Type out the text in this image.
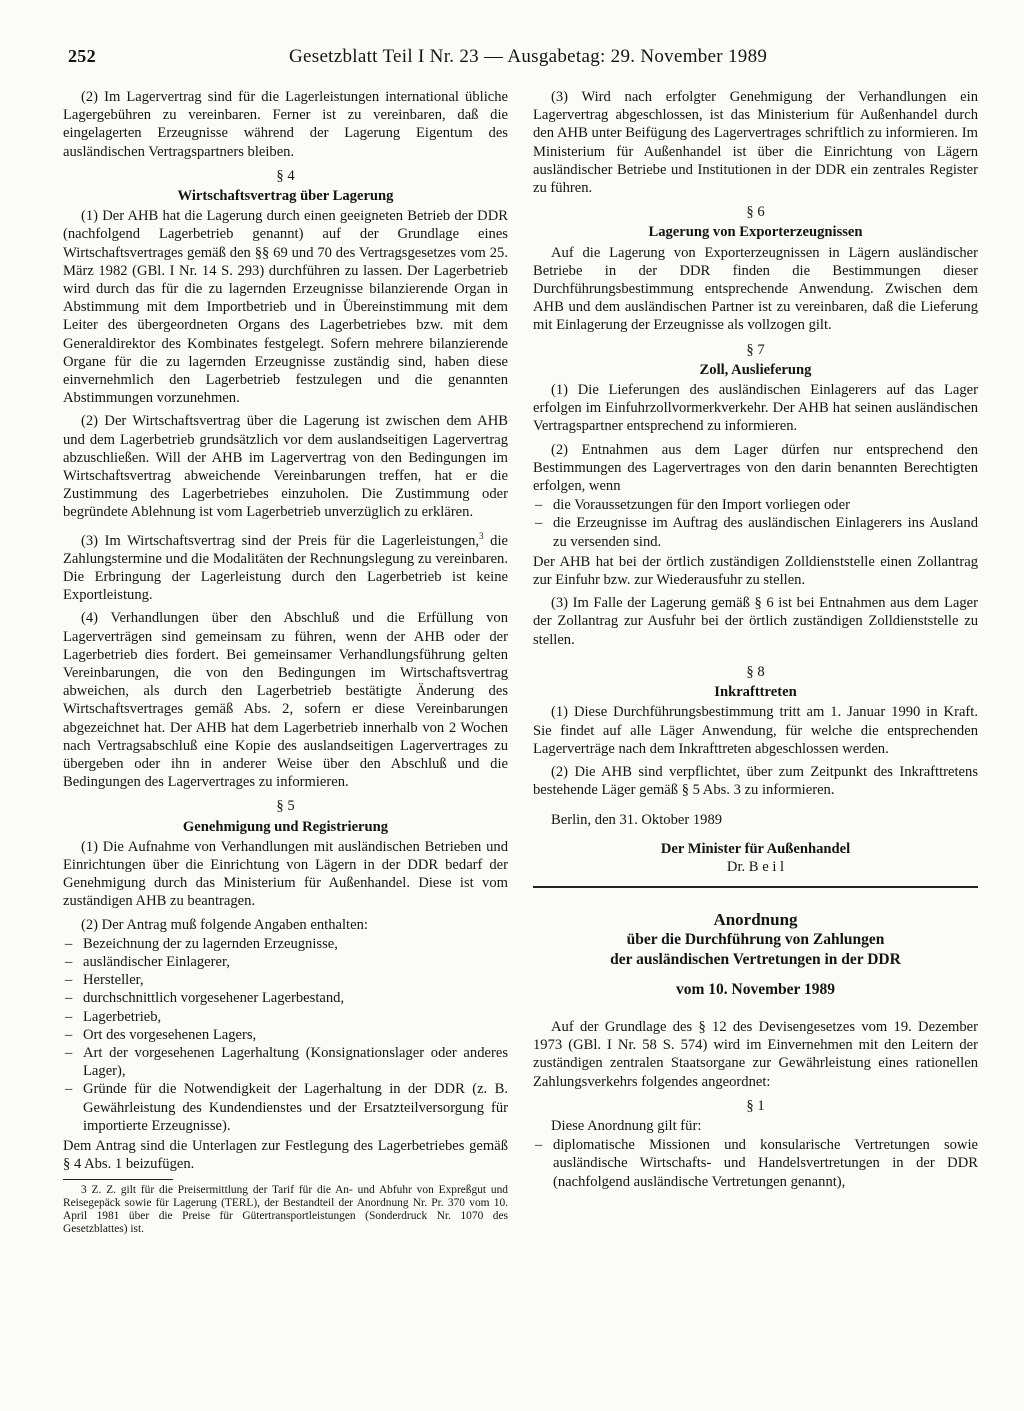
252	Gesetzblatt Teil I Nr. 23 — Ausgabetag: 29. November 1989

(2) Im Lagervertrag sind für die Lagerleistungen international übliche Lagergebühren zu vereinbaren. Ferner ist zu vereinbaren, daß die eingelagerten Erzeugnisse während der Lagerung Eigentum des ausländischen Vertragspartners bleiben.

§ 4
Wirtschaftsvertrag über Lagerung

(1) Der AHB hat die Lagerung durch einen geeigneten Betrieb der DDR (nachfolgend Lagerbetrieb genannt) auf der Grundlage eines Wirtschaftsvertrages gemäß den §§ 69 und 70 des Vertragsgesetzes vom 25. März 1982 (GBl. I Nr. 14 S. 293) durchführen zu lassen. Der Lagerbetrieb wird durch das für die zu lagernden Erzeugnisse bilanzierende Organ in Abstimmung mit dem Importbetrieb und in Übereinstimmung mit dem Leiter des übergeordneten Organs des Lagerbetriebes bzw. mit dem Generaldirektor des Kombinates festgelegt. Sofern mehrere bilanzierende Organe für die zu lagernden Erzeugnisse zuständig sind, haben diese einvernehmlich den Lagerbetrieb festzulegen und die genannten Abstimmungen vorzunehmen.

(2) Der Wirtschaftsvertrag über die Lagerung ist zwischen dem AHB und dem Lagerbetrieb grundsätzlich vor dem auslandseitigen Lagervertrag abzuschließen. Will der AHB im Lagervertrag von den Bedingungen im Wirtschaftsvertrag abweichende Vereinbarungen treffen, hat er die Zustimmung des Lagerbetriebes einzuholen. Die Zustimmung oder begründete Ablehnung ist vom Lagerbetrieb unverzüglich zu erklären.

(3) Im Wirtschaftsvertrag sind der Preis für die Lagerleistungen,$^3$ die Zahlungstermine und die Modalitäten der Rechnungslegung zu vereinbaren. Die Erbringung der Lagerleistung durch den Lagerbetrieb ist keine Exportleistung.

(4) Verhandlungen über den Abschluß und die Erfüllung von Lagerverträgen sind gemeinsam zu führen, wenn der AHB oder der Lagerbetrieb dies fordert. Bei gemeinsamer Verhandlungsführung gelten Vereinbarungen, die von den Bedingungen im Wirtschaftsvertrag abweichen, als durch den Lagerbetrieb bestätigte Änderung des Wirtschaftsvertrages gemäß Abs. 2, sofern er diese Vereinbarungen abgezeichnet hat. Der AHB hat dem Lagerbetrieb innerhalb von 2 Wochen nach Vertragsabschluß eine Kopie des auslandseitigen Lagervertrages zu übergeben oder ihn in anderer Weise über den Abschluß und die Bedingungen des Lagervertrages zu informieren.

§ 5
Genehmigung und Registrierung

(1) Die Aufnahme von Verhandlungen mit ausländischen Betrieben und Einrichtungen über die Einrichtung von Lägern in der DDR bedarf der Genehmigung durch das Ministerium für Außenhandel. Diese ist vom zuständigen AHB zu beantragen.

(2) Der Antrag muß folgende Angaben enthalten:

– Bezeichnung der zu lagernden Erzeugnisse,
– ausländischer Einlagerer,
– Hersteller,
– durchschnittlich vorgesehener Lagerbestand,
– Lagerbetrieb,
– Ort des vorgesehenen Lagers,
– Art der vorgesehenen Lagerhaltung (Konsignationslager oder anderes Lager),
– Gründe für die Notwendigkeit der Lagerhaltung in der DDR (z. B. Gewährleistung des Kundendienstes und der Ersatzteilversorgung für importierte Erzeugnisse).

Dem Antrag sind die Unterlagen zur Festlegung des Lagerbetriebes gemäß § 4 Abs. 1 beizufügen.

3 Z. Z. gilt für die Preisermittlung der Tarif für die An- und Abfuhr von Expreßgut und Reisegepäck sowie für Lagerung (TERL), der Bestandteil der Anordnung Nr. Pr. 370 vom 10. April 1981 über die Preise für Gütertransportleistungen (Sonderdruck Nr. 1070 des Gesetzblattes) ist.

(3) Wird nach erfolgter Genehmigung der Verhandlungen ein Lagervertrag abgeschlossen, ist das Ministerium für Außenhandel durch den AHB unter Beifügung des Lagervertrages schriftlich zu informieren. Im Ministerium für Außenhandel ist über die Einrichtung von Lägern ausländischer Betriebe und Institutionen in der DDR ein zentrales Register zu führen.

§ 6
Lagerung von Exporterzeugnissen

Auf die Lagerung von Exporterzeugnissen in Lägern ausländischer Betriebe in der DDR finden die Bestimmungen dieser Durchführungsbestimmung entsprechende Anwendung. Zwischen dem AHB und dem ausländischen Partner ist zu vereinbaren, daß die Lieferung mit Einlagerung der Erzeugnisse als vollzogen gilt.

§ 7
Zoll, Auslieferung

(1) Die Lieferungen des ausländischen Einlagerers auf das Lager erfolgen im Einfuhrzollvormerkverkehr. Der AHB hat seinen ausländischen Vertragspartner entsprechend zu informieren.

(2) Entnahmen aus dem Lager dürfen nur entsprechend den Bestimmungen des Lagervertrages von den darin benannten Berechtigten erfolgen, wenn

– die Voraussetzungen für den Import vorliegen oder
– die Erzeugnisse im Auftrag des ausländischen Einlagerers ins Ausland zu versenden sind.

Der AHB hat bei der örtlich zuständigen Zolldienststelle einen Zollantrag zur Einfuhr bzw. zur Wiederausfuhr zu stellen.

(3) Im Falle der Lagerung gemäß § 6 ist bei Entnahmen aus dem Lager der Zollantrag zur Ausfuhr bei der örtlich zuständigen Zolldienststelle zu stellen.

§ 8
Inkrafttreten

(1) Diese Durchführungsbestimmung tritt am 1. Januar 1990 in Kraft. Sie findet auf alle Läger Anwendung, für welche die entsprechenden Lagerverträge nach dem Inkrafttreten abgeschlossen werden.

(2) Die AHB sind verpflichtet, über zum Zeitpunkt des Inkrafttretens bestehende Läger gemäß § 5 Abs. 3 zu informieren.

Berlin, den 31. Oktober 1989

Der Minister für Außenhandel
Dr. B e i l
Anordnung
über die Durchführung von Zahlungen
der ausländischen Vertretungen in der DDR
vom 10. November 1989

Auf der Grundlage des § 12 des Devisengesetzes vom 19. Dezember 1973 (GBl. I Nr. 58 S. 574) wird im Einvernehmen mit den Leitern der zuständigen zentralen Staatsorgane zur Gewährleistung eines rationellen Zahlungsverkehrs folgendes angeordnet:

§ 1

Diese Anordnung gilt für:

– diplomatische Missionen und konsularische Vertretungen sowie ausländische Wirtschafts- und Handelsvertretungen in der DDR (nachfolgend ausländische Vertretungen genannt),
